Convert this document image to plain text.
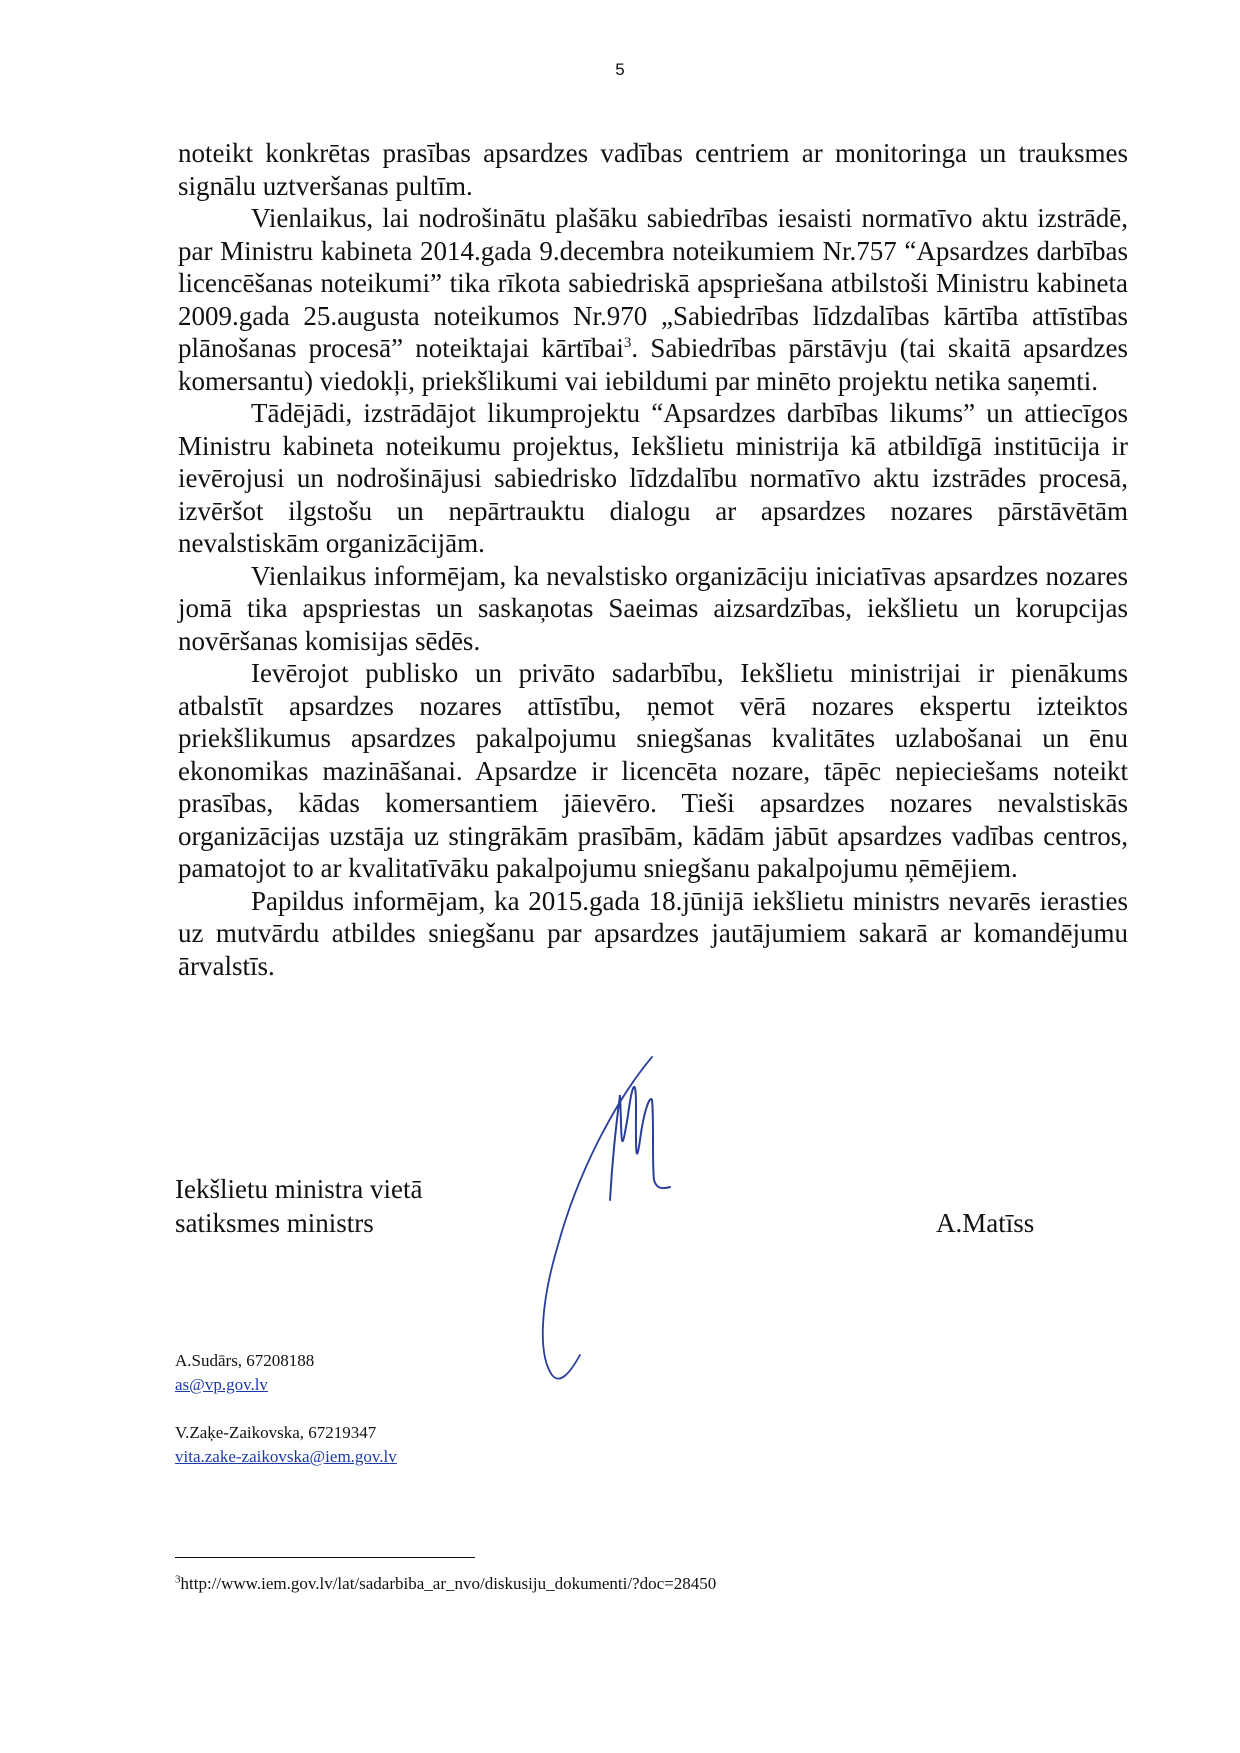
5

noteikt konkrētas prasības apsardzes vadības centriem ar monitoringa un trauksmes signālu uztveršanas pultīm.

Vienlaikus, lai nodrošinātu plašāku sabiedrības iesaisti normatīvo aktu izstrādē, par Ministru kabineta 2014.gada 9.decembra noteikumiem Nr.757 “Apsardzes darbības licencēšanas noteikumi” tika rīkota sabiedriskā apspriešana atbilstoši Ministru kabineta 2009.gada 25.augusta noteikumos Nr.970 „Sabiedrības līdzdalības kārtība attīstības plānošanas procesā” noteiktajai kārtībai$^3$. Sabiedrības pārstāvju (tai skaitā apsardzes komersantu) viedokļi, priekšlikumi vai iebildumi par minēto projektu netika saņemti.

Tādējādi, izstrādājot likumprojektu “Apsardzes darbības likums” un attiecīgos Ministru kabineta noteikumu projektus, Iekšlietu ministrija kā atbildīgā institūcija ir ievērojusi un nodrošinājusi sabiedrisko līdzdalību normatīvo aktu izstrādes procesā, izvēršot ilgstošu un nepārtrauktu dialogu ar apsardzes nozares pārstāvētām nevalstiskām organizācijām.

Vienlaikus informējam, ka nevalstisko organizāciju iniciatīvas apsardzes nozares jomā tika apspriestas un saskaņotas Saeimas aizsardzības, iekšlietu un korupcijas novēršanas komisijas sēdēs.

Ievērojot publisko un privāto sadarbību, Iekšlietu ministrijai ir pienākums atbalstīt apsardzes nozares attīstību, ņemot vērā nozares ekspertu izteiktos priekšlikumus apsardzes pakalpojumu sniegšanas kvalitātes uzlabošanai un ēnu ekonomikas mazināšanai. Apsardze ir licencēta nozare, tāpēc nepieciešams noteikt prasības, kādas komersantiem jāievēro. Tieši apsardzes nozares nevalstiskās organizācijas uzstāja uz stingrākām prasībām, kādām jābūt apsardzes vadības centros, pamatojot to ar kvalitatīvāku pakalpojumu sniegšanu pakalpojumu ņēmējiem.

Papildus informējam, ka 2015.gada 18.jūnijā iekšlietu ministrs nevarēs ierasties uz mutvārdu atbildes sniegšanu par apsardzes jautājumiem sakarā ar komandējumu ārvalstīs.

Iekšlietu ministra vietā
satiksmes ministrs	A.Matīss
A.Sudārs, 67208188
as@vp.gov.lv
V.Zaķe-Zaikovska, 67219347
vita.zake-zaikovska@iem.gov.lv
$^3$http://www.iem.gov.lv/lat/sadarbiba_ar_nvo/diskusiju_dokumenti/?doc=28450
